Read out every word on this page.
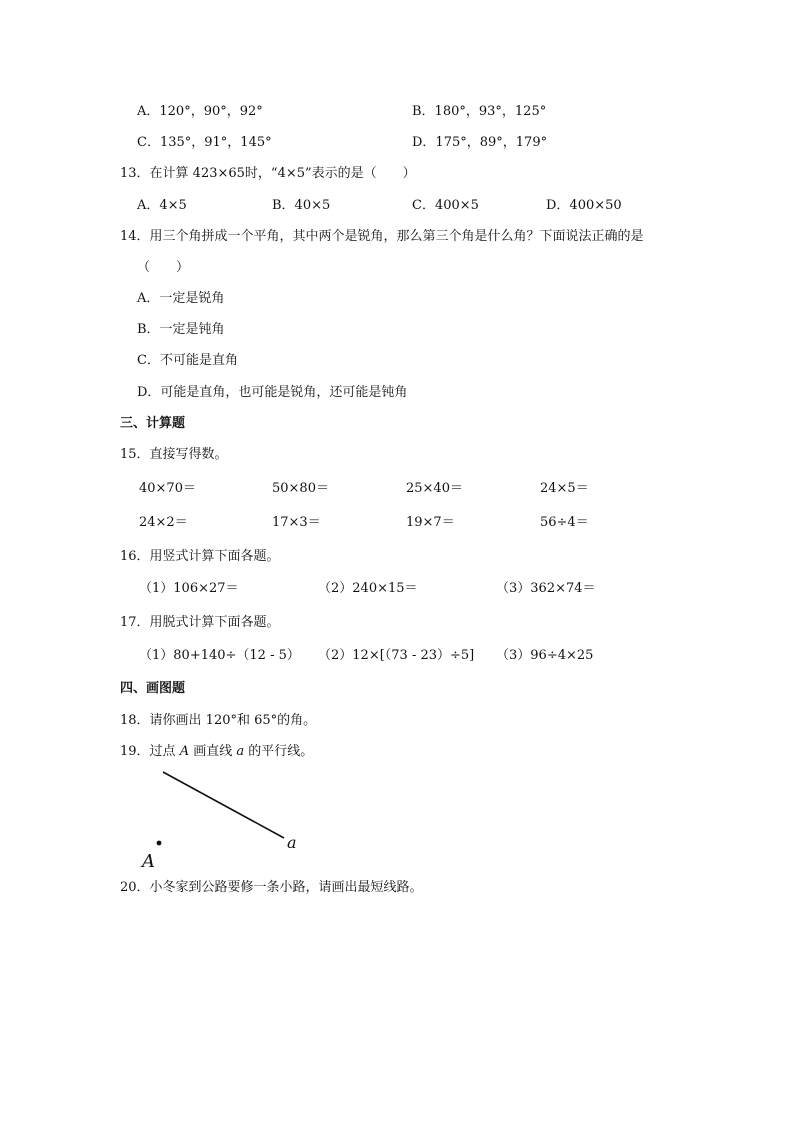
A．120°，90°，92°	B．180°，93°，125°
C．135°，91°，145°	D．175°，89°，179°
13．在计算 423×65时，“4×5”表示的是（　　）
A．4×5	B．40×5	C．400×5	D．400×50
14．用三个角拼成一个平角，其中两个是锐角，那么第三个角是什么角？下面说法正确的是
（　　）
A．一定是锐角
B．一定是钝角
C．不可能是直角
D．可能是直角，也可能是锐角，还可能是钝角
三、计算题
15．直接写得数。
40×70＝	50×80＝	25×40＝	24×5＝
24×2＝	17×3＝	19×7＝	56÷4＝
16．用竖式计算下面各题。
（1）106×27＝	（2）240×15＝	（3）362×74＝
17．用脱式计算下面各题。
（1）80+140÷（12 - 5） （2）12×[（73 - 23）÷5] （3）96÷4×25
四、画图题
18．请你画出 120°和 65°的角。
19．过点 A 画直线 a 的平行线。
A
a
20．小冬家到公路要修一条小路，请画出最短线路。
